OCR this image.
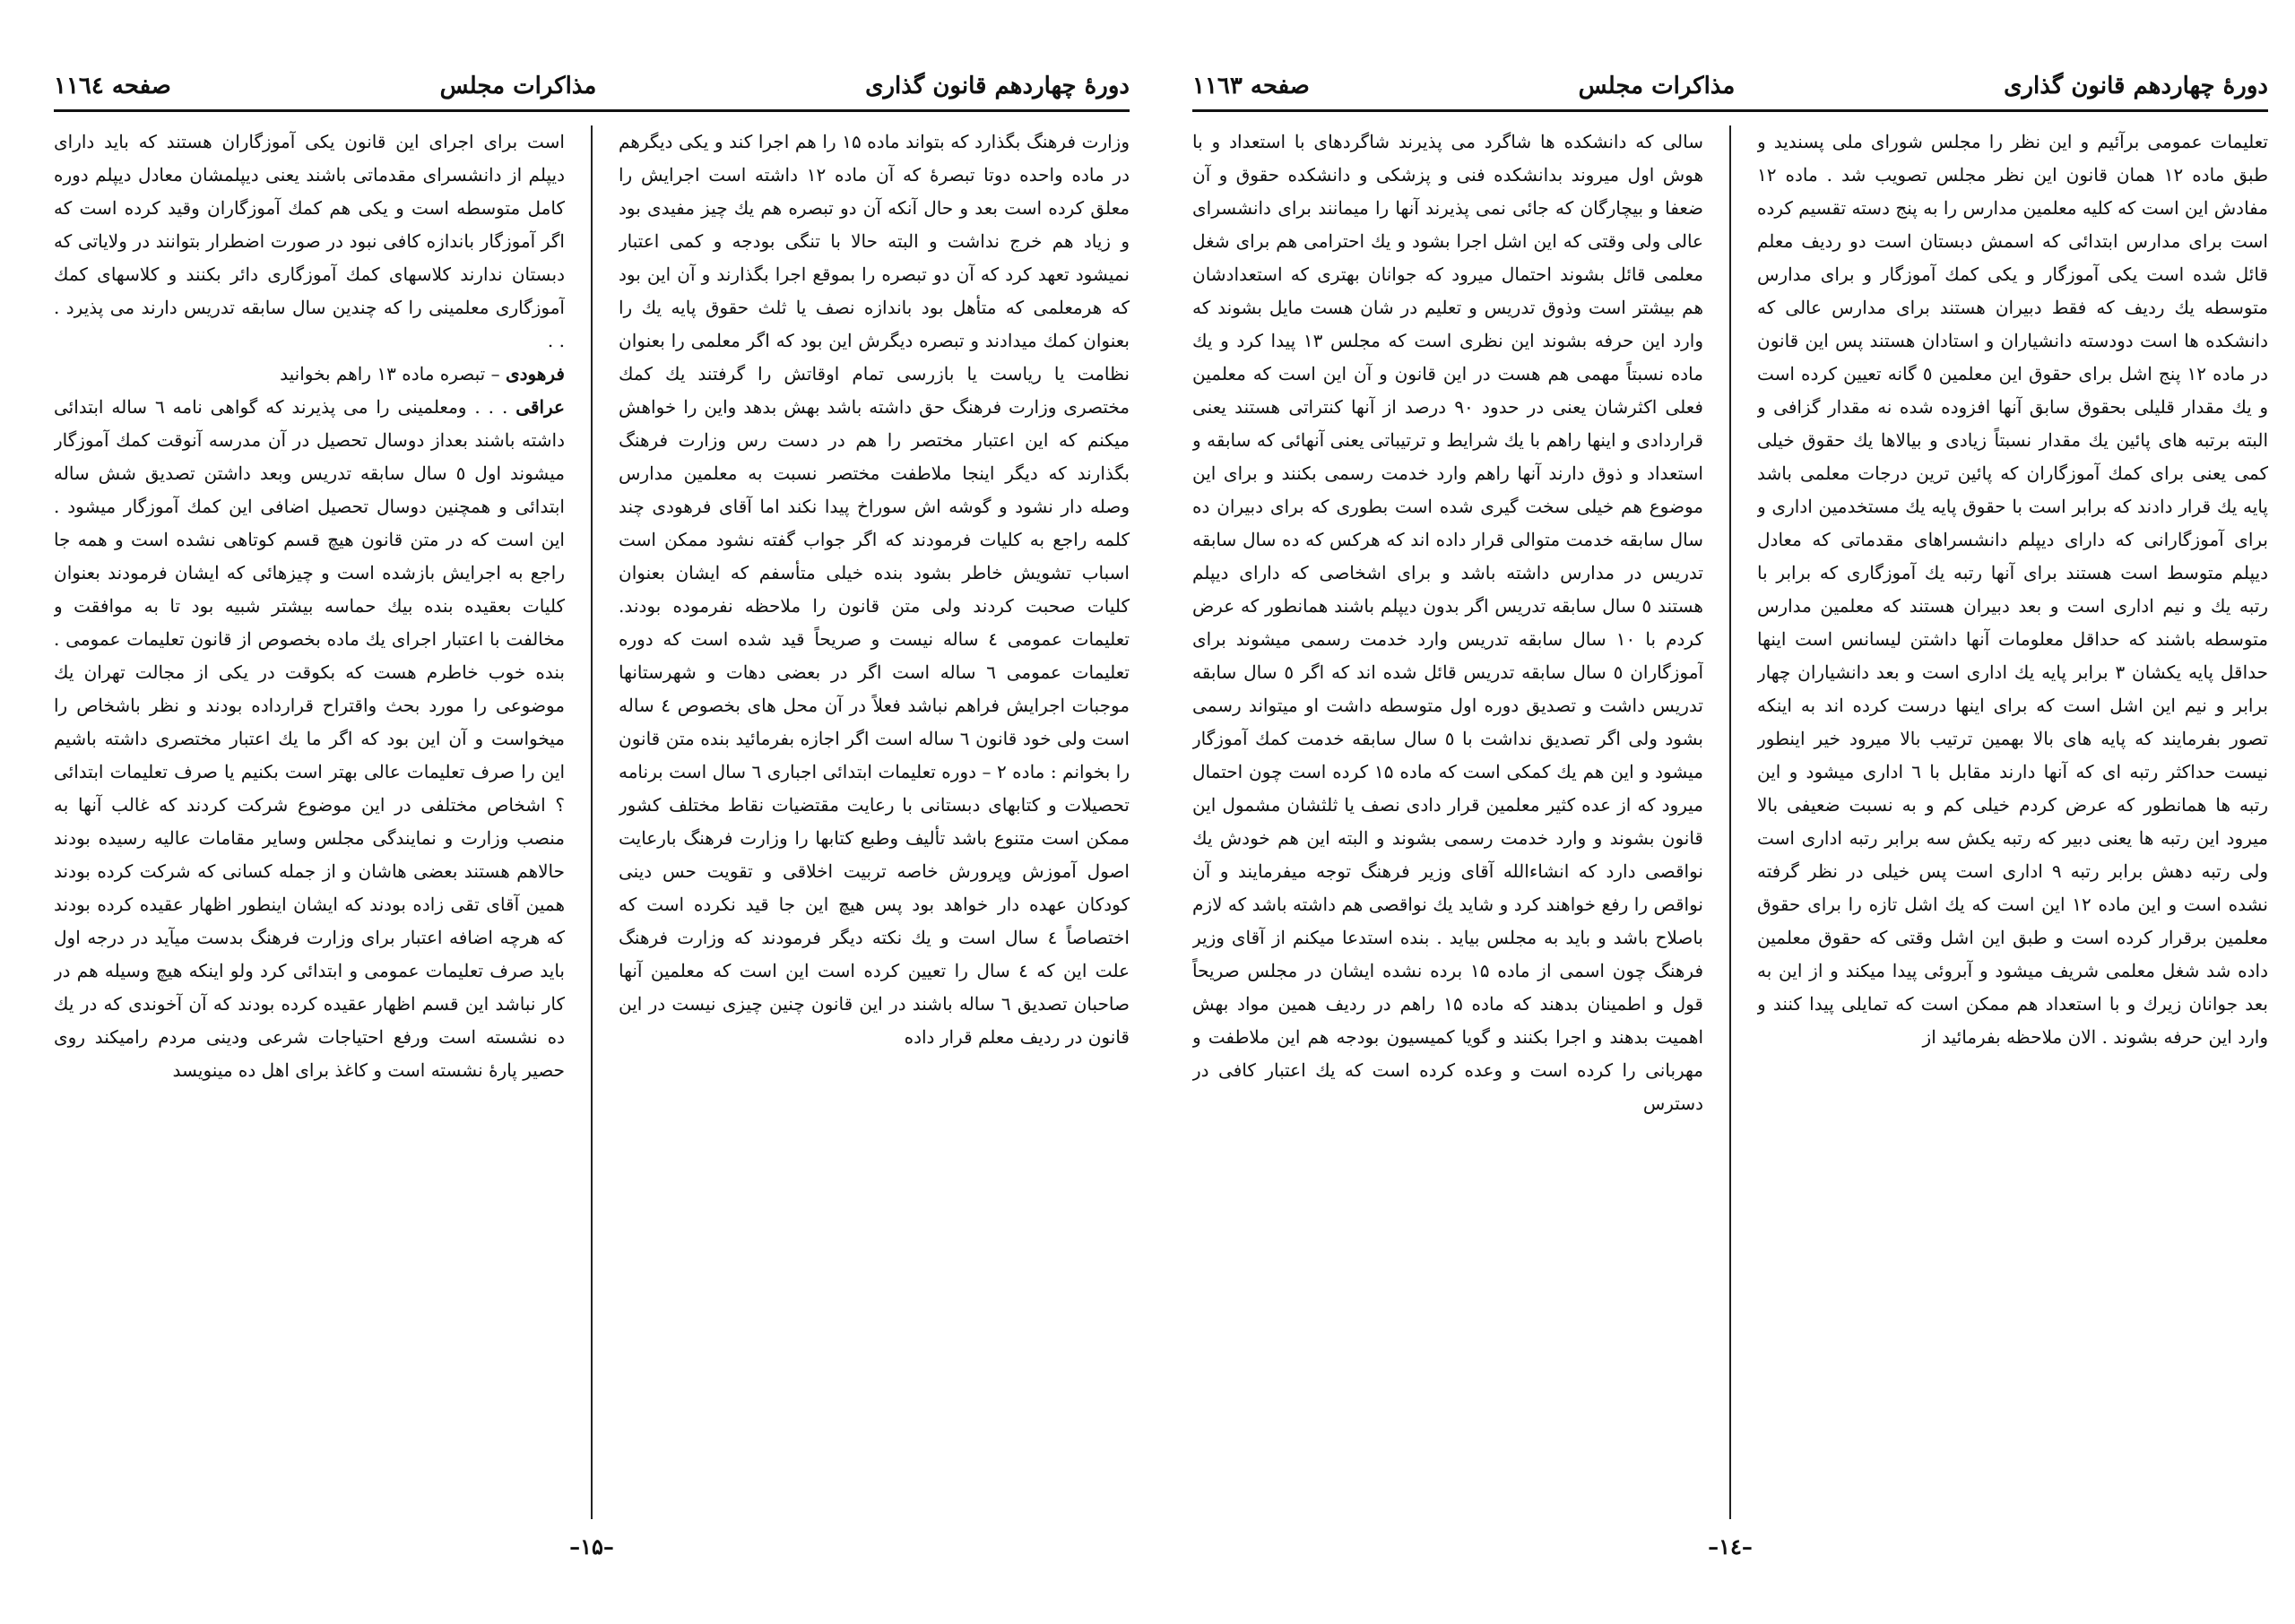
دورهٔ چهاردهم قانون گذاری
مذاکرات مجلس
صفحه ۱۱٦٤

وزارت فرهنگ بگذارد که بتواند ماده ۱۵ را هم اجرا کند و یکی دیگرهم در ماده واحده دوتا تبصرهٔ که آن ماده ۱۲ داشته است اجرایش را معلق کرده است بعد و حال آنکه آن دو تبصره هم یك چیز مفیدی بود و زیاد هم خرج نداشت و البته حالا با تنگی بودجه و کمی اعتبار نمیشود تعهد کرد که آن دو تبصره را بموقع اجرا بگذارند و آن این بود که هرمعلمی که متأهل بود باندازه نصف یا ثلث حقوق پایه یك را بعنوان کمك میدادند و تبصره دیگرش این بود که اگر معلمی را بعنوان نظامت یا ریاست یا بازرسی تمام اوقاتش را گرفتند یك کمك مختصری وزارت فرهنگ حق داشته باشد بهش بدهد واین را خواهش میکنم که این اعتبار مختصر را هم در دست رس وزارت فرهنگ بگذارند که دیگر اینجا ملاطفت مختصر نسبت به معلمین مدارس وصله دار نشود و گوشه اش سوراخ پیدا نکند اما آقای فرهودی چند کلمه راجع به کلیات فرمودند که اگر جواب گفته نشود ممکن است اسباب تشویش خاطر بشود بنده خیلی متأسفم که ایشان بعنوان کلیات صحبت کردند ولی متن قانون را ملاحظه نفرموده بودند. تعلیمات عمومی ٤ ساله نیست و صریحاً قید شده است که دوره تعلیمات عمومی ٦ ساله است اگر در بعضی دهات و شهرستانها موجبات اجرایش فراهم نباشد فعلاً در آن محل های بخصوص ٤ ساله است ولی خود قانون ٦ ساله است اگر اجازه بفرمائید بنده متن قانون را بخوانم : ماده ۲ – دوره تعلیمات ابتدائی اجباری ٦ سال است برنامه تحصیلات و کتابهای دبستانی با رعایت مقتضیات نقاط مختلف کشور ممکن است متنوع باشد تألیف وطبع کتابها را وزارت فرهنگ بارعایت اصول آموزش وپرورش خاصه تربیت اخلاقی و تقویت حس دینی کودکان عهده دار خواهد بود پس هیچ این جا قید نکرده است که اختصاصاً ٤ سال است و یك نکته دیگر فرمودند که وزارت فرهنگ علت این که ٤ سال را تعیین کرده است این است که معلمین آنها صاحبان تصدیق ٦ ساله باشند در این قانون چنین چیزی نیست در این قانون در ردیف معلم قرار داده

است برای اجرای این قانون یکی آموزگاران هستند که باید دارای دیپلم از دانشسرای مقدماتی باشند یعنی دیپلمشان معادل دیپلم دوره کامل متوسطه است و یکی هم کمك آموزگاران وقید کرده است که اگر آموزگار باندازه کافی نبود در صورت اضطرار بتوانند در ولایاتی که دبستان ندارند کلاسهای کمك آموزگاری دائر بکنند و کلاسهای کمك آموزگاری معلمینی را که چندین سال سابقه تدریس دارند می پذیرد . . .

فرهودی – تبصره ماده ۱۳ راهم بخوانید

عراقی . . . ومعلمینی را می پذیرند که گواهی نامه ٦ ساله ابتدائی داشته باشند بعداز دوسال تحصیل در آن مدرسه آنوقت کمك آموزگار میشوند اول ٥ سال سابقه تدریس وبعد داشتن تصدیق شش ساله ابتدائی و همچنین دوسال تحصیل اضافی این کمك آموزگار میشود . این است که در متن قانون هیچ قسم کوتاهی نشده است و همه جا راجع به اجرایش بازشده است و چیزهائی که ایشان فرمودند بعنوان کلیات بعقیده بنده بیك حماسه بیشتر شبیه بود تا به موافقت و مخالفت با اعتبار اجرای یك ماده بخصوص از قانون تعلیمات عمومی . بنده خوب خاطرم هست که بکوقت در یکی از مجالت تهران یك موضوعی را مورد بحث واقتراح قرارداده بودند و نظر باشخاص را میخواست و آن این بود که اگر ما یك اعتبار مختصری داشته باشیم این را صرف تعلیمات عالی بهتر است بکنیم یا صرف تعلیمات ابتدائی ؟ اشخاص مختلفی در این موضوع شرکت کردند که غالب آنها به منصب وزارت و نمایندگی مجلس وسایر مقامات عالیه رسیده بودند حالاهم هستند بعضی هاشان و از جمله کسانی که شرکت کرده بودند همین آقای تقی زاده بودند که ایشان اینطور اظهار عقیده کرده بودند که هرچه اضافه اعتبار برای وزارت فرهنگ بدست میآید در درجه اول باید صرف تعلیمات عمومی و ابتدائی کرد ولو اینکه هیچ وسیله هم در کار نباشد این قسم اظهار عقیده کرده بودند که آن آخوندی که در یك ده نشسته است ورفع احتیاجات شرعی ودینی مردم رامیکند روی حصیر پارهٔ نشسته است و کاغذ برای اهل ده مینویسد

–۱۵–
دورهٔ چهاردهم قانون گذاری
مذاکرات مجلس
صفحه ۱۱٦۳

تعلیمات عمومی برآئیم و این نظر را مجلس شورای ملی پسندید و طبق ماده ۱۲ همان قانون این نظر مجلس تصویب شد . ماده ۱۲ مفادش این است که کلیه معلمین مدارس را به پنج دسته تقسیم کرده است برای مدارس ابتدائی که اسمش دبستان است دو ردیف معلم قائل شده است یکی آموزگار و یکی کمك آموزگار و برای مدارس متوسطه یك ردیف که فقط دبیران هستند برای مدارس عالی که دانشکده ها است دودسته دانشیاران و استادان هستند پس این قانون در ماده ۱۲ پنج اشل برای حقوق این معلمین ٥ گانه تعیین کرده است و یك مقدار قلیلی بحقوق سابق آنها افزوده شده نه مقدار گزافی و البته برتبه های پائین یك مقدار نسبتاً زیادی و بیالاها یك حقوق خیلی کمی یعنی برای کمك آموزگاران که پائین ترین درجات معلمی باشد پایه یك قرار دادند که برابر است با حقوق پایه یك مستخدمین اداری و برای آموزگارانی که دارای دیپلم دانشسراهای مقدماتی که معادل دیپلم متوسط است هستند برای آنها رتبه یك آموزگاری که برابر با رتبه یك و نیم اداری است و بعد دبیران هستند که معلمین مدارس متوسطه باشند که حداقل معلومات آنها داشتن لیسانس است اینها حداقل پایه یکشان ۳ برابر پایه یك اداری است و بعد دانشیاران چهار برابر و نیم این اشل است که برای اینها درست کرده اند به اینکه تصور بفرمایند که پایه های بالا بهمین ترتیب بالا میرود خیر اینطور نیست حداکثر رتبه ای که آنها دارند مقابل با ٦ اداری میشود و این رتبه ها همانطور که عرض کردم خیلی کم و به نسبت ضعیفی بالا میرود این رتبه ها یعنی دبیر که رتبه یکش سه برابر رتبه اداری است ولی رتبه دهش برابر رتبه ۹ اداری است پس خیلی در نظر گرفته نشده است و این ماده ۱۲ این است که یك اشل تازه را برای حقوق معلمین برقرار کرده است و طبق این اشل وقتی که حقوق معلمین داده شد شغل معلمی شریف میشود و آبروئی پیدا میکند و از این به بعد جوانان زیرك و با استعداد هم ممکن است که تمایلی پیدا کنند و وارد این حرفه بشوند . الان ملاحظه بفرمائید از

سالی که دانشکده ها شاگرد می پذیرند شاگردهای با استعداد و با هوش اول میروند بدانشکده فنی و پزشکی و دانشکده حقوق و آن ضعفا و بیچارگان که جائی نمی پذیرند آنها را میمانند برای دانشسرای عالی ولی وقتی که این اشل اجرا بشود و یك احترامی هم برای شغل معلمی قائل بشوند احتمال میرود که جوانان بهتری که استعدادشان هم بیشتر است وذوق تدریس و تعلیم در شان هست مایل بشوند که وارد این حرفه بشوند این نظری است که مجلس ۱۳ پیدا کرد و یك ماده نسبتاً مهمی هم هست در این قانون و آن این است که معلمین فعلی اکثرشان یعنی در حدود ۹۰ درصد از آنها کنتراتی هستند یعنی قراردادی و اینها راهم با یك شرایط و ترتیباتی یعنی آنهائی که سابقه و استعداد و ذوق دارند آنها راهم وارد خدمت رسمی بکنند و برای این موضوع هم خیلی سخت گیری شده است بطوری که برای دبیران ده سال سابقه خدمت متوالی قرار داده اند که هرکس که ده سال سابقه تدریس در مدارس داشته باشد و برای اشخاصی که دارای دیپلم هستند ٥ سال سابقه تدریس اگر بدون دیپلم باشند همانطور که عرض کردم با ۱۰ سال سابقه تدریس وارد خدمت رسمی میشوند برای آموزگاران ٥ سال سابقه تدریس قائل شده اند که اگر ٥ سال سابقه تدریس داشت و تصدیق دوره اول متوسطه داشت او میتواند رسمی بشود ولی اگر تصدیق نداشت با ٥ سال سابقه خدمت کمك آموزگار میشود و این هم یك کمکی است که ماده ۱۵ کرده است چون احتمال میرود که از عده کثیر معلمین قرار دادی نصف یا ثلثشان مشمول این قانون بشوند و وارد خدمت رسمی بشوند و البته این هم خودش یك نواقصی دارد که انشاءالله آقای وزیر فرهنگ توجه میفرمایند و آن نواقص را رفع خواهند کرد و شاید یك نواقصی هم داشته باشد که لازم باصلاح باشد و باید به مجلس بیاید . بنده استدعا میکنم از آقای وزیر فرهنگ چون اسمی از ماده ۱۵ برده نشده ایشان در مجلس صریحاً قول و اطمینان بدهند که ماده ۱۵ راهم در ردیف همین مواد بهش اهمیت بدهند و اجرا بکنند و گویا کمیسیون بودجه هم این ملاطفت و مهربانی را کرده است و وعده کرده است که یك اعتبار کافی در دسترس

–۱٤–
